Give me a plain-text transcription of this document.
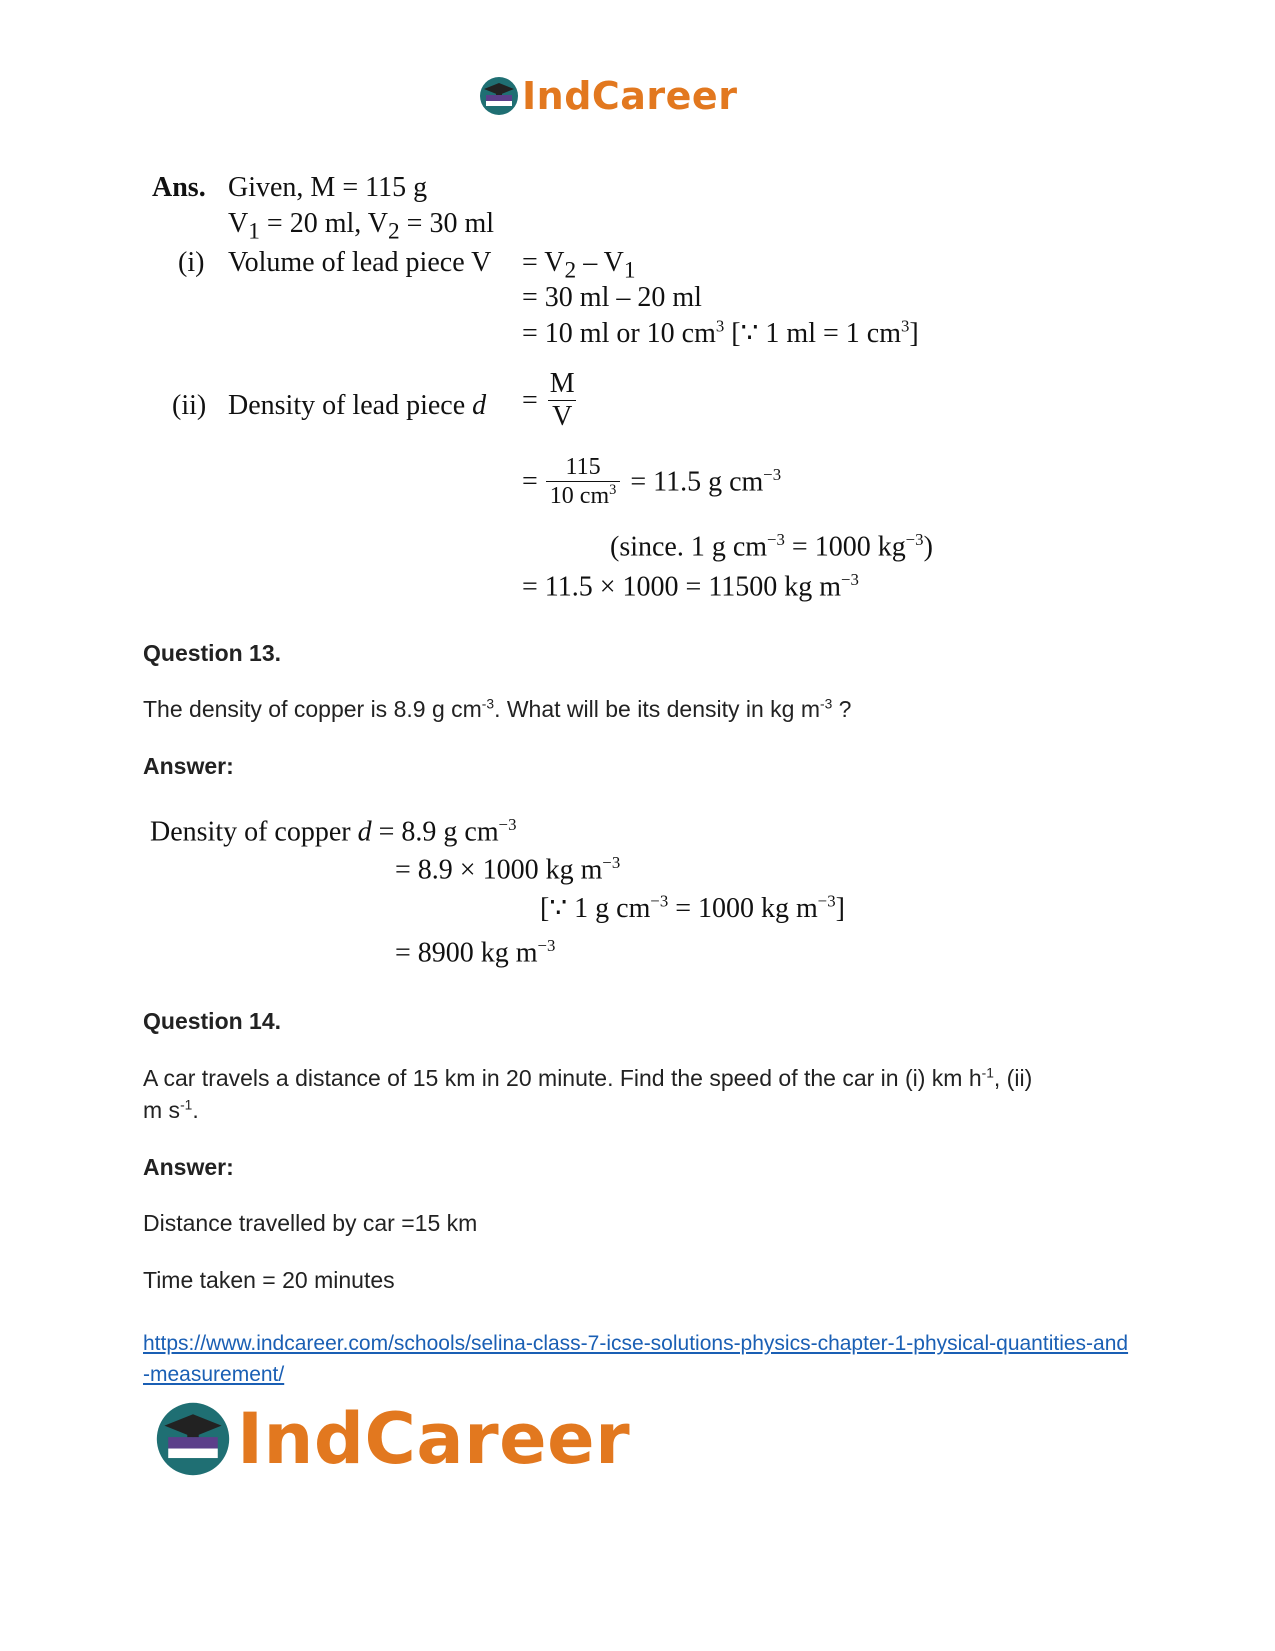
IndCareer
Ans. Given, M = 115 g
$V_1 = 20$ ml, $V_2 = 30$ ml
(i) Volume of lead piece $V = V_2 - V_1$
= 30 ml – 20 ml
= 10 ml or 10 $cm^3$ [∵ 1 ml = 1 $cm^3$]
(ii) Density of lead piece $d = \frac{M}{V}$
= $\frac{115}{10 cm^3} = 11.5$ g $cm^{-3}$
(since. 1 g $cm^{-3} = 1000$ $kg^{-3}$)
= 11.5 × 1000 = 11500 kg $m^{-3}$
Question 13.
The density of copper is 8.9 g $cm^{-3}$. What will be its density in kg $m^{-3}$ ?
Answer:
Density of copper d = 8.9 g $cm^{-3}$
= 8.9 × 1000 kg $m^{-3}$
[∵ 1 g $cm^{-3} = 1000$ kg $m^{-3}$]
= 8900 kg $m^{-3}$
Question 14.
A car travels a distance of 15 km in 20 minute. Find the speed of the car in (i) km $h^{-1}$, (ii)
m $s^{-1}$.
Answer:
Distance travelled by car =15 km
Time taken = 20 minutes
https://www.indcareer.com/schools/selina-class-7-icse-solutions-physics-chapter-1-physical-quantities-and-measurement/
IndCareer
